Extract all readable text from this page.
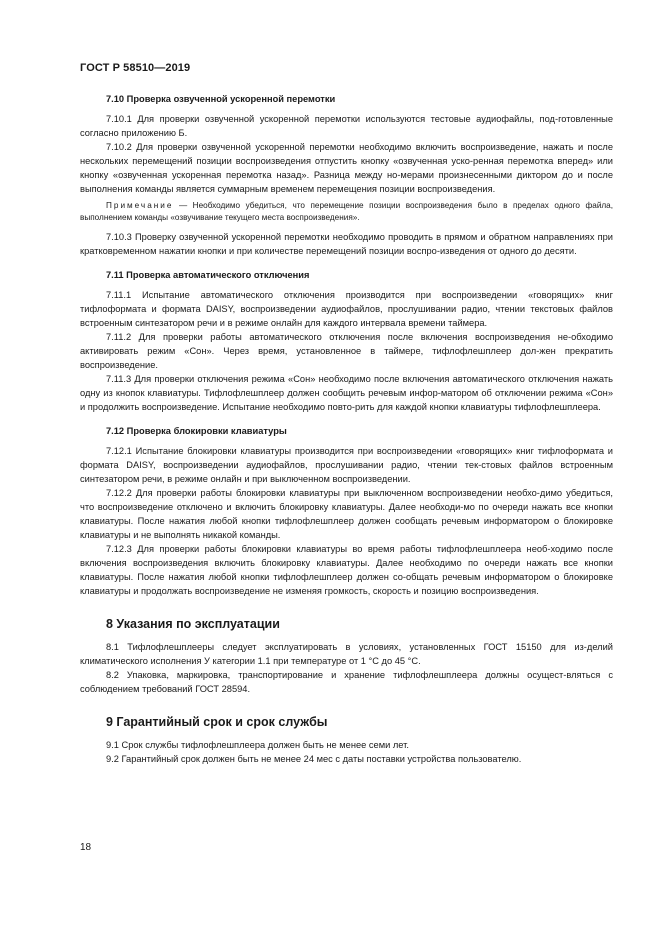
ГОСТ Р 58510—2019
7.10 Проверка озвученной ускоренной перемотки

7.10.1 Для проверки озвученной ускоренной перемотки используются тестовые аудиофайлы, под-готовленные согласно приложению Б.

7.10.2 Для проверки озвученной ускоренной перемотки необходимо включить воспроизведение, нажать и после нескольких перемещений позиции воспроизведения отпустить кнопку «озвученная уско-ренная перемотка вперед» или кнопку «озвученная ускоренная перемотка назад». Разница между но-мерами произнесенными диктором до и после выполнения команды является суммарным временем перемещения позиции воспроизведения.

Примечание — Необходимо убедиться, что перемещение позиции воспроизведения было в пределах одного файла, выполнением команды «озвучивание текущего места воспроизведения».

7.10.3 Проверку озвученной ускоренной перемотки необходимо проводить в прямом и обратном направлениях при кратковременном нажатии кнопки и при количестве перемещений позиции воспро-изведения от одного до десяти.

7.11 Проверка автоматического отключения

7.11.1 Испытание автоматического отключения производится при воспроизведении «говорящих» книг тифлоформата и формата DAISY, воспроизведении аудиофайлов, прослушивании радио, чтении текстовых файлов встроенным синтезатором речи и в режиме онлайн для каждого интервала времени таймера.

7.11.2 Для проверки работы автоматического отключения после включения воспроизведения не-обходимо активировать режим «Сон». Через время, установленное в таймере, тифлофлешплеер дол-жен прекратить воспроизведение.

7.11.3 Для проверки отключения режима «Сон» необходимо после включения автоматического отключения нажать одну из кнопок клавиатуры. Тифлофлешплеер должен сообщить речевым инфор-матором об отключении режима «Сон» и продолжить воспроизведение. Испытание необходимо повто-рить для каждой кнопки клавиатуры тифлофлешплеера.

7.12 Проверка блокировки клавиатуры

7.12.1 Испытание блокировки клавиатуры производится при воспроизведении «говорящих» книг тифлоформата и формата DAISY, воспроизведении аудиофайлов, прослушивании радио, чтении тек-стовых файлов встроенным синтезатором речи, в режиме онлайн и при выключенном воспроизведении.

7.12.2 Для проверки работы блокировки клавиатуры при выключенном воспроизведении необхо-димо убедиться, что воспроизведение отключено и включить блокировку клавиатуры. Далее необходи-мо по очереди нажать все кнопки клавиатуры. После нажатия любой кнопки тифлофлешплеер должен сообщать речевым информатором о блокировке клавиатуры и не выполнять никакой команды.

7.12.3 Для проверки работы блокировки клавиатуры во время работы тифлофлешплеера необ-ходимо после включения воспроизведения включить блокировку клавиатуры. Далее необходимо по очереди нажать все кнопки клавиатуры. После нажатия любой кнопки тифлофлешплеер должен со-общать речевым информатором о блокировке клавиатуры и продолжать воспроизведение не изменяя громкость, скорость и позицию воспроизведения.

8 Указания по эксплуатации

8.1 Тифлофлешплееры следует эксплуатировать в условиях, установленных ГОСТ 15150 для из-делий климатического исполнения У категории 1.1 при температуре от 1 °С до 45 °С.

8.2 Упаковка, маркировка, транспортирование и хранение тифлофлешплеера должны осущест-вляться с соблюдением требований ГОСТ 28594.

9 Гарантийный срок и срок службы

9.1 Срок службы тифлофлешплеера должен быть не менее семи лет.

9.2 Гарантийный срок должен быть не менее 24 мес с даты поставки устройства пользователю.

18
